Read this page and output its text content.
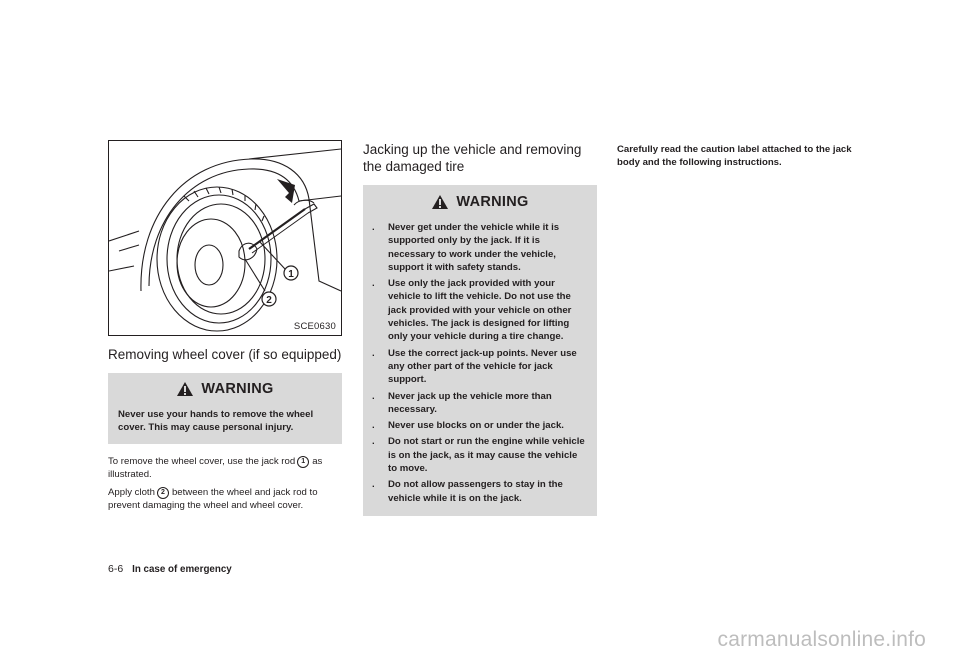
1
2
SCE0630
Removing wheel cover (if so equipped)
WARNING
Never use your hands to remove the wheel cover. This may cause personal injury.

To remove the wheel cover, use the jack rod 1 as illustrated.

Apply cloth 2 between the wheel and jack rod to prevent damaging the wheel and wheel cover.

Jacking up the vehicle and removing the damaged tire
WARNING
. Never get under the vehicle while it is supported only by the jack. If it is necessary to work under the vehicle, support it with safety stands.
. Use only the jack provided with your vehicle to lift the vehicle. Do not use the jack provided with your vehicle on other vehicles. The jack is designed for lifting only your vehicle during a tire change.
. Use the correct jack-up points. Never use any other part of the vehicle for jack support.
. Never jack up the vehicle more than necessary.
. Never use blocks on or under the jack.
. Do not start or run the engine while vehicle is on the jack, as it may cause the vehicle to move.
. Do not allow passengers to stay in the vehicle while it is on the jack.
Carefully read the caution label attached to the jack body and the following instructions.
6-6 In case of emergency
carmanualsonline.info
